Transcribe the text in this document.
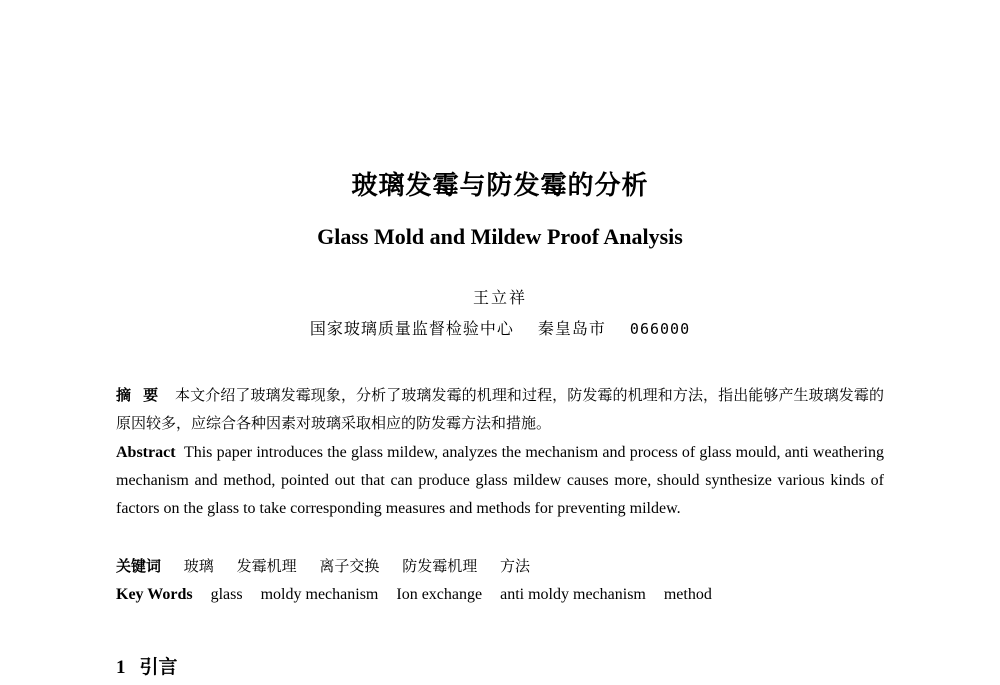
玻璃发霉与防发霉的分析
Glass Mold and Mildew Proof Analysis
王立祥
国家玻璃质量监督检验中心 秦皇岛市 066000
摘要 本文介绍了玻璃发霉现象，分析了玻璃发霉的机理和过程，防发霉的机理和方法，指出能够产生玻璃发霉的原因较多，应综合各种因素对玻璃采取相应的防发霉方法和措施。
Abstract This paper introduces the glass mildew, analyzes the mechanism and process of glass mould, anti weathering mechanism and method, pointed out that can produce glass mildew causes more, should synthesize various kinds of factors on the glass to take corresponding measures and methods for preventing mildew.
关键词 玻璃 发霉机理 离子交换 防发霉机理 方法
Key Words glass moldy mechanism Ion exchange anti moldy mechanism method
1 引言
